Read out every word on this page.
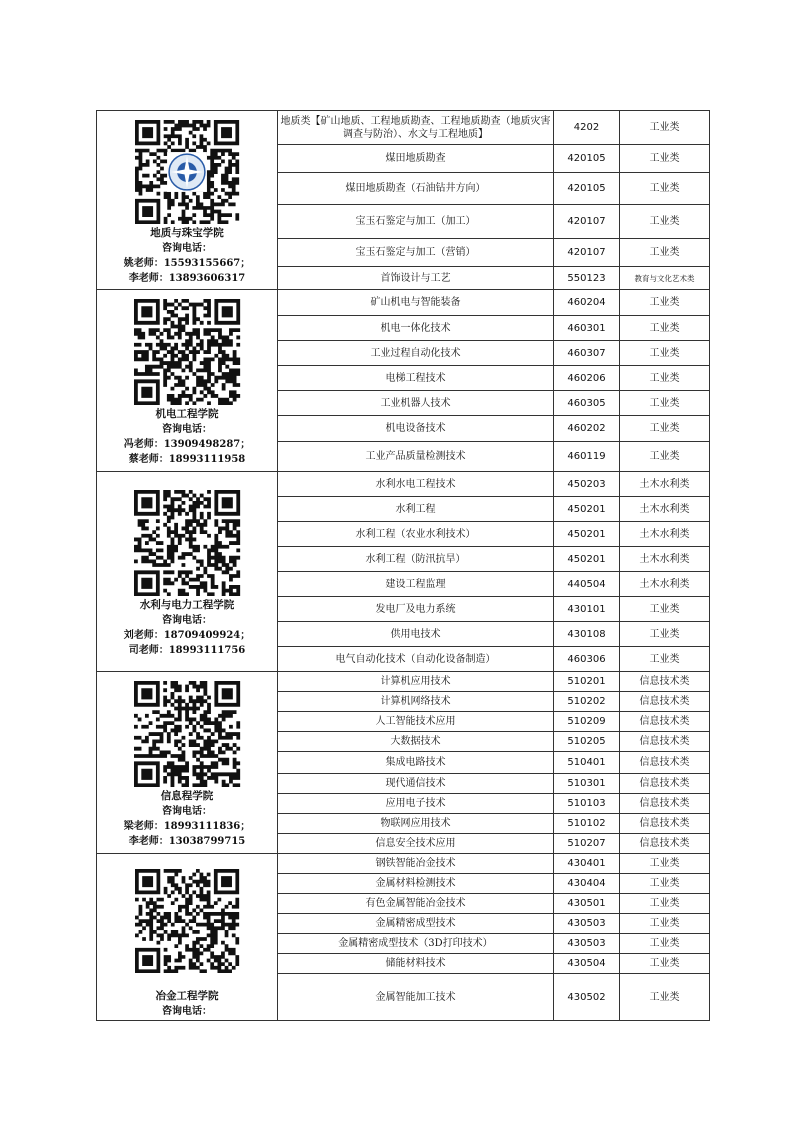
地质与珠宝学院
咨询电话：
姚老师：15593155667；
李老师：13893606317	地质类【矿山地质、工程地质勘查、工程地质勘查（地质灾害调查与防治）、水文与工程地质】	4202	工业类
	煤田地质勘查	420105	工业类
	煤田地质勘查（石油钻井方向）	420105	工业类
	宝玉石鉴定与加工（加工）	420107	工业类
	宝玉石鉴定与加工（营销）	420107	工业类
	首饰设计与工艺	550123	教育与文化艺术类

机电工程学院
咨询电话：
冯老师：13909498287；
蔡老师：18993111958	矿山机电与智能装备	460204	工业类
	机电一体化技术	460301	工业类
	工业过程自动化技术	460307	工业类
	电梯工程技术	460206	工业类
	工业机器人技术	460305	工业类
	机电设备技术	460202	工业类
	工业产品质量检测技术	460119	工业类

水利与电力工程学院
咨询电话：
刘老师：18709409924；
司老师：18993111756	水利水电工程技术	450203	土木水利类
	水利工程	450201	土木水利类
	水利工程（农业水利技术）	450201	土木水利类
	水利工程（防汛抗旱）	450201	土木水利类
	建设工程监理	440504	土木水利类
	发电厂及电力系统	430101	工业类
	供用电技术	430108	工业类
	电气自动化技术（自动化设备制造）	460306	工业类

信息程学院
咨询电话：
梁老师：18993111836；
李老师：13038799715	计算机应用技术	510201	信息技术类
	计算机网络技术	510202	信息技术类
	人工智能技术应用	510209	信息技术类
	大数据技术	510205	信息技术类
	集成电路技术	510401	信息技术类
	现代通信技术	510301	信息技术类
	应用电子技术	510103	信息技术类
	物联网应用技术	510102	信息技术类
	信息安全技术应用	510207	信息技术类

冶金工程学院
咨询电话：	钢铁智能冶金技术	430401	工业类
	金属材料检测技术	430404	工业类
	有色金属智能冶金技术	430501	工业类
	金属精密成型技术	430503	工业类
	金属精密成型技术（3D打印技术）	430503	工业类
	储能材料技术	430504	工业类
	金属智能加工技术	430502	工业类
